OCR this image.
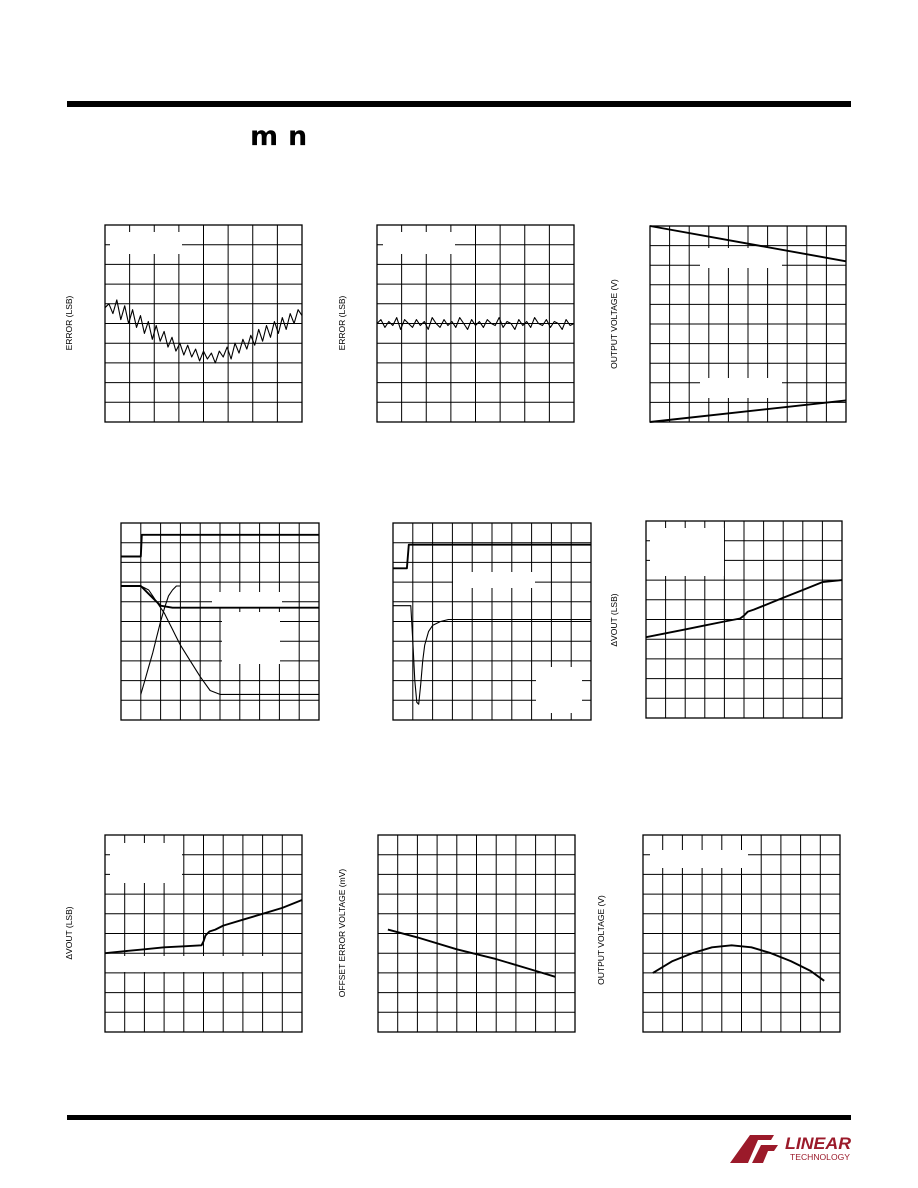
m n
ERROR (LSB)	ERROR (LSB)	OUTPUT VOLTAGE (V)
ΔVOUT (LSB)
ΔVOUT (LSB)	OFFSET ERROR VOLTAGE (mV)	OUTPUT VOLTAGE (V)
LINEAR
TECHNOLOGY
